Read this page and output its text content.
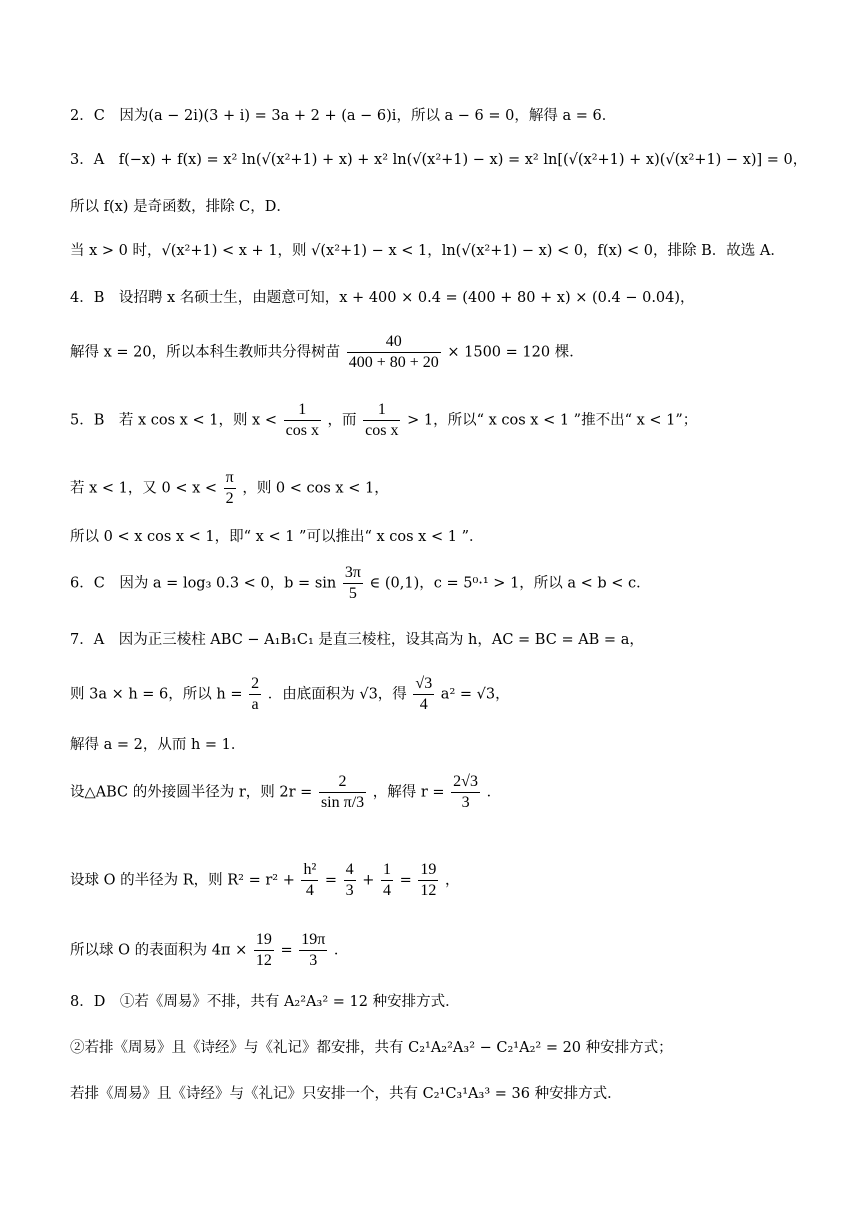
2．C　因为(a − 2i)(3 + i) = 3a + 2 + (a − 6)i，所以 a − 6 = 0，解得 a = 6．
3．A　f(−x) + f(x) = x² ln(√(x²+1) + x) + x² ln(√(x²+1) − x) = x² ln[(√(x²+1) + x)(√(x²+1) − x)] = 0，
所以 f(x) 是奇函数，排除 C，D．
当 x > 0 时，√(x²+1) < x + 1，则 √(x²+1) − x < 1，ln(√(x²+1) − x) < 0，f(x) < 0，排除 B．故选 A．
4．B　设招聘 x 名硕士生，由题意可知，x + 400 × 0.4 = (400 + 80 + x) × (0.4 − 0.04)，
解得 x = 20，所以本科生教师共分得树苗 $\frac{40}{400 + 80 + 20} \times 1500 = 120$ 棵．
5．B　若 x cos x < 1，则 $x < \frac{1}{\text{cos x}}$ ，而 $\frac{1}{\text{cos x}} > 1$，所以“ x cos x < 1 ”推不出“ x < 1”；
若 x < 1，又 $0 < x < \frac{\pi}{2}$ ，则 0 < cos x < 1，
所以 0 < x cos x < 1，即“ x < 1 ”可以推出“ x cos x < 1 ”．
6．C　因为 a = log₃ 0.3 < 0，$b = \sin \frac{3\pi}{5}$ ∈ (0,1)，c = 5⁰·¹ > 1，所以 a < b < c．
7．A　因为正三棱柱 ABC − A₁B₁C₁ 是直三棱柱，设其高为 h，AC = BC = AB = a，
则 3a × h = 6，所以 $h = \frac{2}{a}$ ．由底面积为 √3，得 $\frac{√3}{4} a^2 = √3$，
解得 a = 2，从而 h = 1．
设△ABC 的外接圆半径为 r，则 $2r = \frac{2}{\text{sin π/3}}$ ，解得 $r = \frac{2√3}{3}$ ．
设球 O 的半径为 R，则 $R^2 = r^2 + \frac{\text{h²}}{4} = \frac{4}{3} + \frac{1}{4} = \frac{19}{12}$ ，
所以球 O 的表面积为 $4\pi \times \frac{19}{12} = \frac{19\pi}{3}$ ．
8．D　①若《周易》不排，共有 A₂²A₃² = 12 种安排方式．
②若排《周易》且《诗经》与《礼记》都安排，共有 C₂¹A₂²A₃² − C₂¹A₂² = 20 种安排方式；
若排《周易》且《诗经》与《礼记》只安排一个，共有 C₂¹C₃¹A₃³ = 36 种安排方式．
